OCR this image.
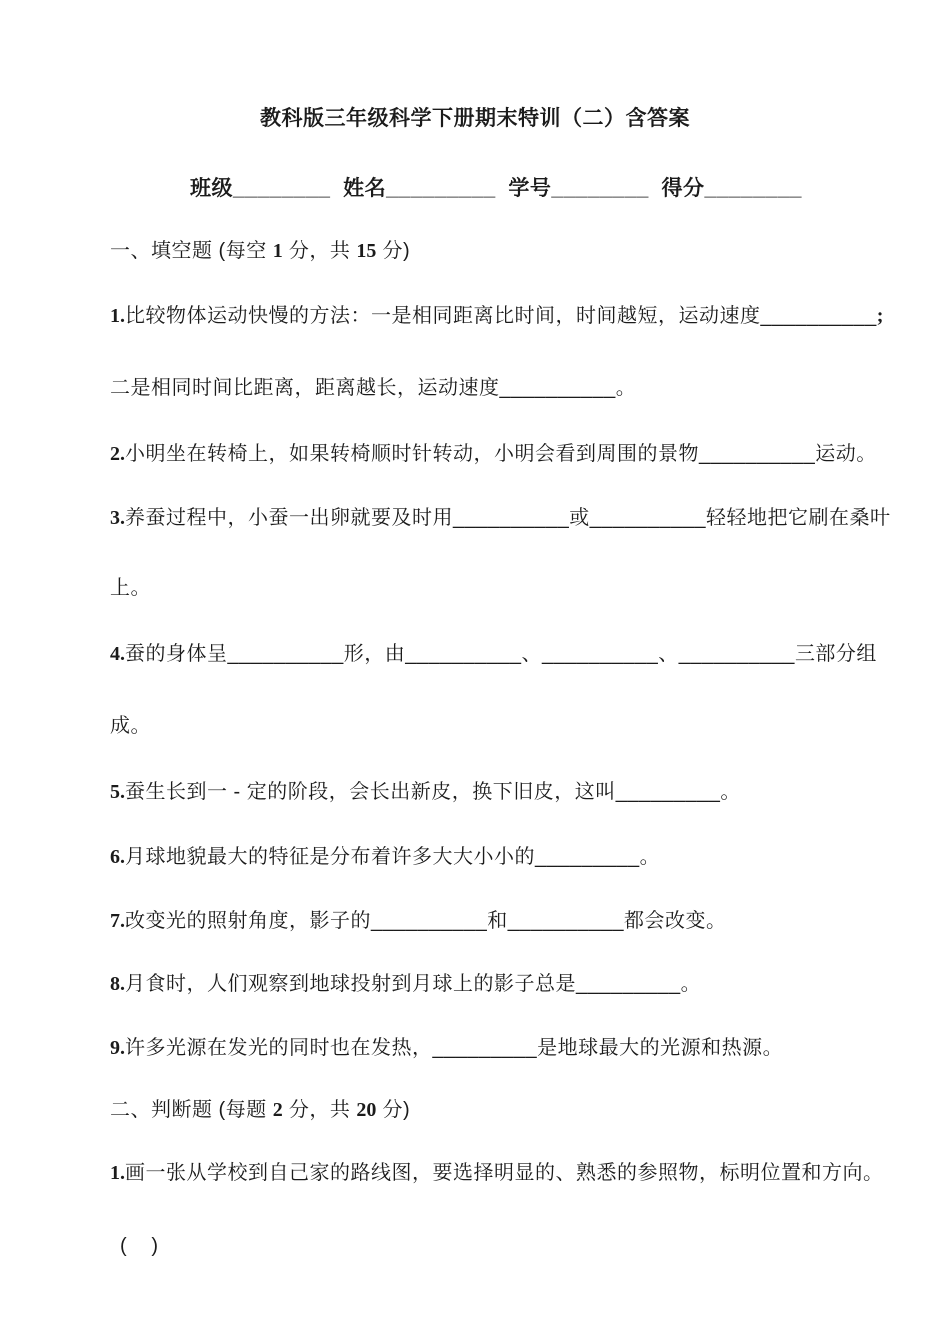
教科版三年级科学下册期末特训（二）含答案
班级________  姓名_________  学号________  得分________
一、填空题 (每空 1 分，共 15 分)
1.比较物体运动快慢的方法：一是相同距离比时间，时间越短，运动速度__________;
二是相同时间比距离，距离越长，运动速度__________。
2.小明坐在转椅上，如果转椅顺时针转动，小明会看到周围的景物__________运动。
3.养蚕过程中，小蚕一出卵就要及时用__________或__________轻轻地把它刷在桑叶
上。
4.蚕的身体呈__________形，由__________、__________、__________三部分组
成。
5.蚕生长到一 - 定的阶段，会长出新皮，换下旧皮，这叫_________。
6.月球地貌最大的特征是分布着许多大大小小的_________。
7.改变光的照射角度，影子的__________和__________都会改变。
8.月食时，人们观察到地球投射到月球上的影子总是_________。
9.许多光源在发光的同时也在发热，_________是地球最大的光源和热源。
二、判断题 (每题 2 分，共 20 分)
1.画一张从学校到自己家的路线图，要选择明显的、熟悉的参照物，标明位置和方向。
(    )
